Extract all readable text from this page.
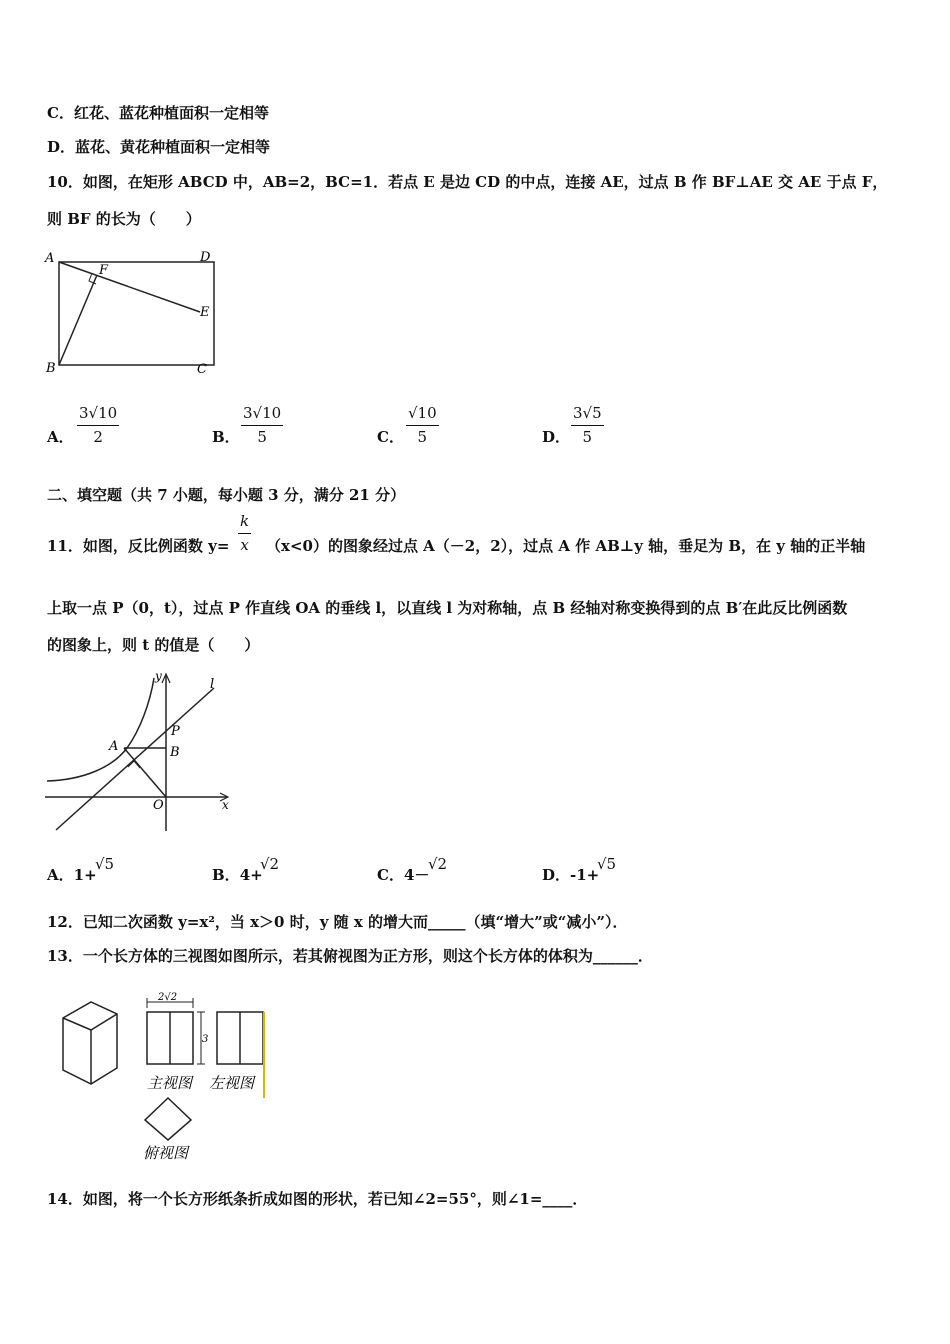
C．红花、蓝花种植面积一定相等
D．蓝花、黄花种植面积一定相等
10．如图，在矩形 ABCD 中，AB=2，BC=1．若点 E 是边 CD 的中点，连接 AE，过点 B 作 BF⊥AE 交 AE 于点 F，
则 BF 的长为（　　）
A
F
D
E
B	C
A． $\frac{3√10}{2}$	B． $\frac{3√10}{5}$	C． $\frac{√10}{5}$	D． $\frac{3√5}{5}$
二、填空题（共 7 小题，每小题 3 分，满分 21 分）
11．如图，反比例函数 $y= \frac{k}{x} (x<0)$的图象经过点 A（－2，2），过点 A 作 AB⊥y 轴，垂足为 B，在 y 轴的正半轴
上取一点 P（0，t），过点 P 作直线 OA 的垂线 l，以直线 l 为对称轴，点 B 经轴对称变换得到的点 B′在此反比例函数
的图象上，则 t 的值是（　　）
y
l
P
A	B
O	x
A．1+
√5
B．4+
√2
C．4－
√2
D．-1+
√5
12．已知二次函数 y=x²，当 x＞0 时，y 随 x 的增大而_____（填“增大”或“减小”）．
13．一个长方体的三视图如图所示，若其俯视图为正方形，则这个长方体的体积为______．
2√2
3
主视图 左视图
俯视图
14．如图，将一个长方形纸条折成如图的形状，若已知∠2=55°，则∠1=____．
